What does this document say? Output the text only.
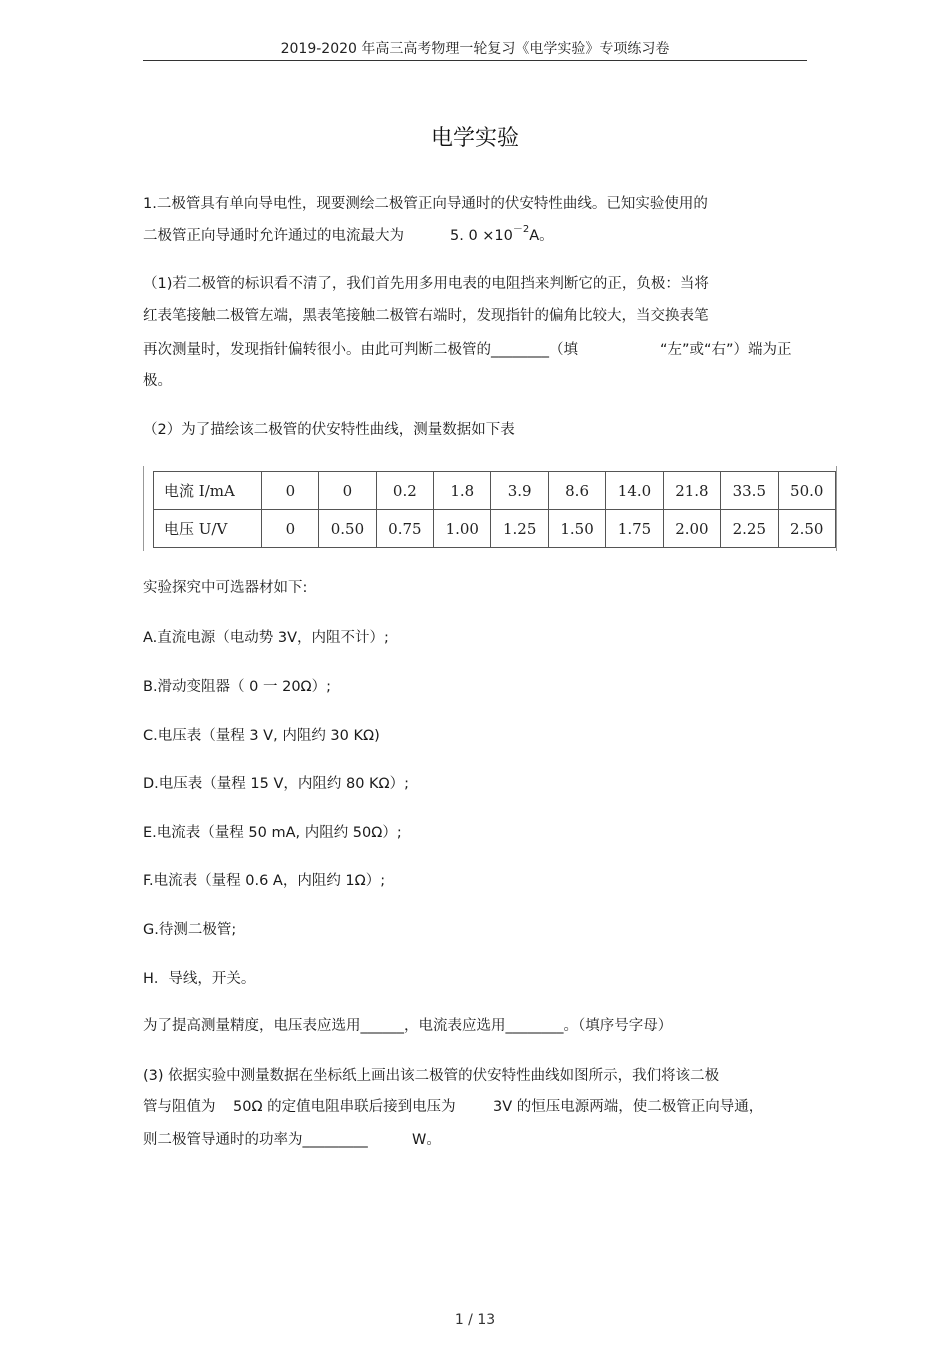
2019-2020 年高三高考物理一轮复习《电学实验》专项练习卷
电学实验
1.二极管具有单向导电性，现要测绘二极管正向导通时的伏安特性曲线。已知实验使用的
二极管正向导通时允许通过的电流最大为	5. $0 \times 10^{-2}A$。
（1)若二极管的标识看不清了，我们首先用多用电表的电阻挡来判断它的正，负极：当将
红表笔接触二极管左端，黑表笔接触二极管右端时，发现指针的偏角比较大，当交换表笔
再次测量时，发现指针偏转很小。由此可判断二极管的________（填	“左”或“右”）端为正
极。
（2）为了描绘该二极管的伏安特性曲线，测量数据如下表
电流 I/mA	0	0	0.2	1.8	3.9	8.6	14.0	21.8	33.5	50.0
电压 U/V	0	0.50	0.75	1.00	1.25	1.50	1.75	2.00	2.25	2.50
实验探究中可选器材如下:
A.直流电源（电动势 3V，内阻不计）;
B.滑动变阻器（ 0 一 20Ω）;
C.电压表（量程 3 V, 内阻约 30 KΩ)
D.电压表（量程 15 V，内阻约 80 KΩ）;
E.电流表（量程 50 mA, 内阻约 50Ω）;
F.电流表（量程 0.6 A，内阻约 1Ω）;
G.待测二极管;
H．导线，开关。
为了提高测量精度，电压表应选用______，电流表应选用________。（填序号字母）
(3) 依据实验中测量数据在坐标纸上画出该二极管的伏安特性曲线如图所示，我们将该二极
管与阻值为 50Ω 的定值电阻串联后接到电压为	3V 的恒压电源两端，使二极管正向导通，
则二极管导通时的功率为_________	W。
1 / 13
